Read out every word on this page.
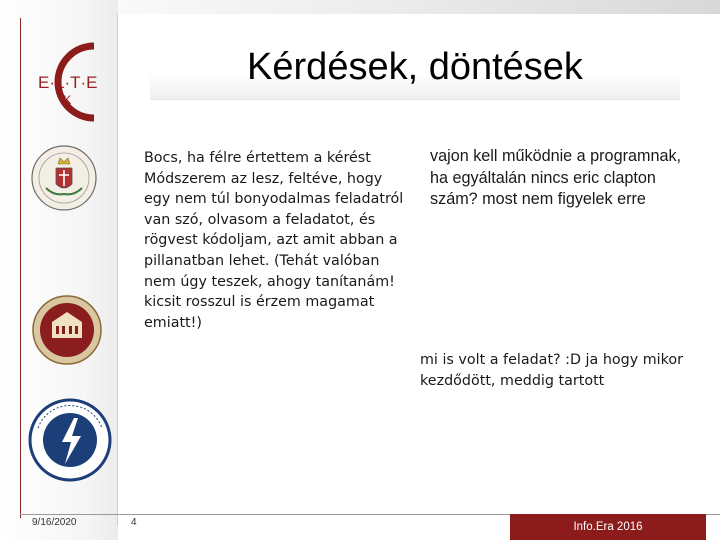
E·L·T·E
IK
Kérdések, döntések
Bocs, ha félre értettem a kérést Módszerem az lesz, feltéve, hogy egy nem túl bonyodalmas feladatról van szó, olvasom a feladatot, és rögvest kódoljam, azt amit abban a pillanatban lehet. (Tehát valóban nem úgy teszek, ahogy tanítanám! kicsit rosszul is érzem magamat emiatt!)
vajon kell működnie a programnak, ha egyáltalán nincs eric clapton szám? most nem figyelek erre
mi is volt a feladat? :D ja hogy mikor kezdődött, meddig tartott
9/16/2020	4	Info.Era 2016
